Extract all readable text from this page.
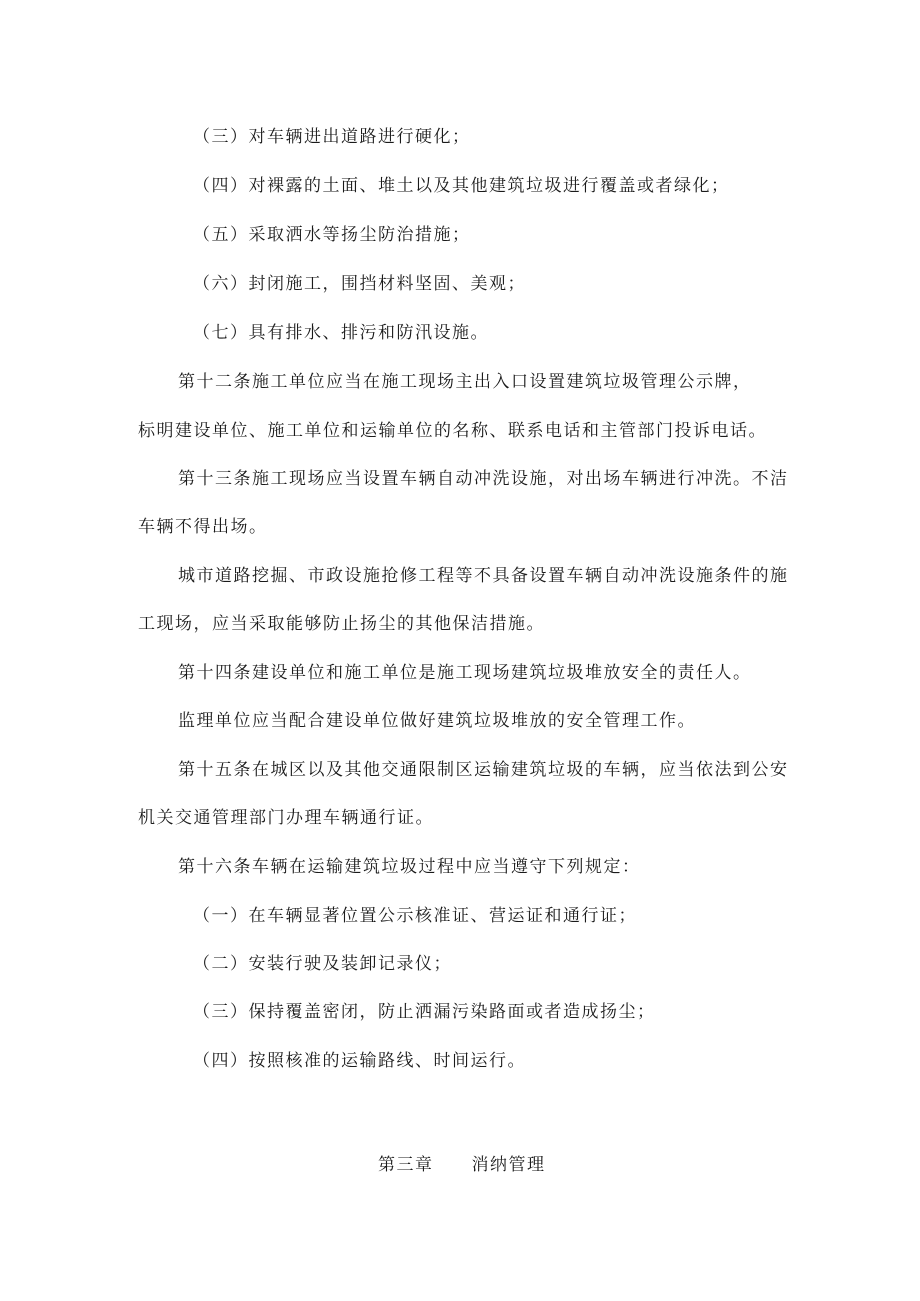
（三）对车辆进出道路进行硬化；
（四）对裸露的土面、堆土以及其他建筑垃圾进行覆盖或者绿化；
（五）采取洒水等扬尘防治措施；
（六）封闭施工，围挡材料坚固、美观；
（七）具有排水、排污和防汛设施。
第十二条施工单位应当在施工现场主出入口设置建筑垃圾管理公示牌，
标明建设单位、施工单位和运输单位的名称、联系电话和主管部门投诉电话。
第十三条施工现场应当设置车辆自动冲洗设施，对出场车辆进行冲洗。不洁
车辆不得出场。
城市道路挖掘、市政设施抢修工程等不具备设置车辆自动冲洗设施条件的施
工现场，应当采取能够防止扬尘的其他保洁措施。
第十四条建设单位和施工单位是施工现场建筑垃圾堆放安全的责任人。
监理单位应当配合建设单位做好建筑垃圾堆放的安全管理工作。
第十五条在城区以及其他交通限制区运输建筑垃圾的车辆，应当依法到公安
机关交通管理部门办理车辆通行证。
第十六条车辆在运输建筑垃圾过程中应当遵守下列规定：
（一）在车辆显著位置公示核准证、营运证和通行证；
（二）安装行驶及装卸记录仪；
（三）保持覆盖密闭，防止洒漏污染路面或者造成扬尘；
（四）按照核准的运输路线、时间运行。
第三章 消纳管理
